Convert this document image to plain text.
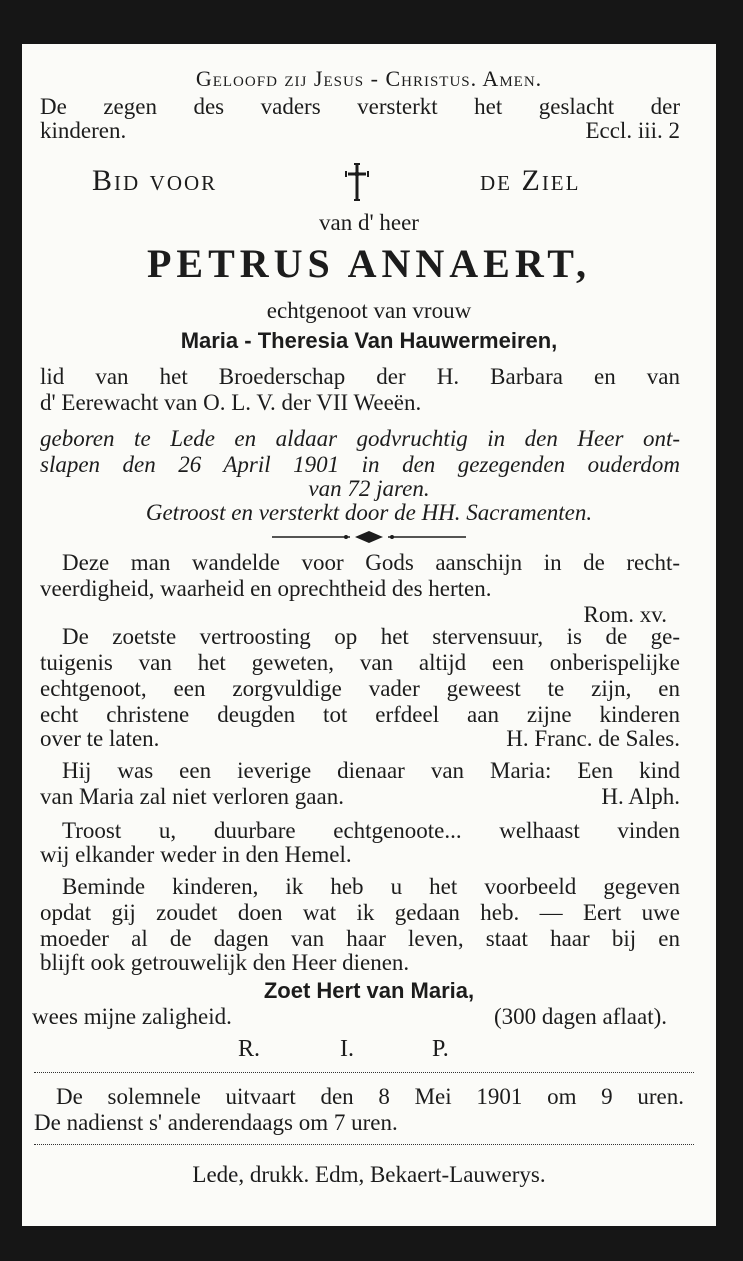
Geloofd zij Jesus - Christus. Amen.
De zegen des vaders versterkt het geslacht der
kinderen.	Eccl. iii. 2
Bid voor	de Ziel
van d' heer
PETRUS ANNAERT,
echtgenoot van vrouw
Maria - Theresia Van Hauwermeiren,
lid van het Broederschap der H. Barbara en van
d' Eerewacht van O. L. V. der VII Weeën.
geboren te Lede en aldaar godvruchtig in den Heer ont-
slapen den 26 April 1901 in den gezegenden ouderdom
van 72 jaren.
Getroost en versterkt door de HH. Sacramenten.
Deze man wandelde voor Gods aanschijn in de recht-
veerdigheid, waarheid en oprechtheid des herten.
Rom. xv.
De zoetste vertroosting op het stervensuur, is de ge-
tuigenis van het geweten, van altijd een onberispelijke
echtgenoot, een zorgvuldige vader geweest te zijn, en
echt christene deugden tot erfdeel aan zijne kinderen
over te laten.	H. Franc. de Sales.
Hij was een ieverige dienaar van Maria: Een kind
van Maria zal niet verloren gaan.	H. Alph.
Troost u, duurbare echtgenoote... welhaast vinden
wij elkander weder in den Hemel.
Beminde kinderen, ik heb u het voorbeeld gegeven
opdat gij zoudet doen wat ik gedaan heb. — Eert uwe
moeder al de dagen van haar leven, staat haar bij en
blijft ook getrouwelijk den Heer dienen.
Zoet Hert van Maria,
wees mijne zaligheid.	(300 dagen aflaat).
R.	I.	P.
De solemnele uitvaart den 8 Mei 1901 om 9 uren.
De nadienst s' anderendaags om 7 uren.
Lede, drukk. Edm, Bekaert-Lauwerys.
